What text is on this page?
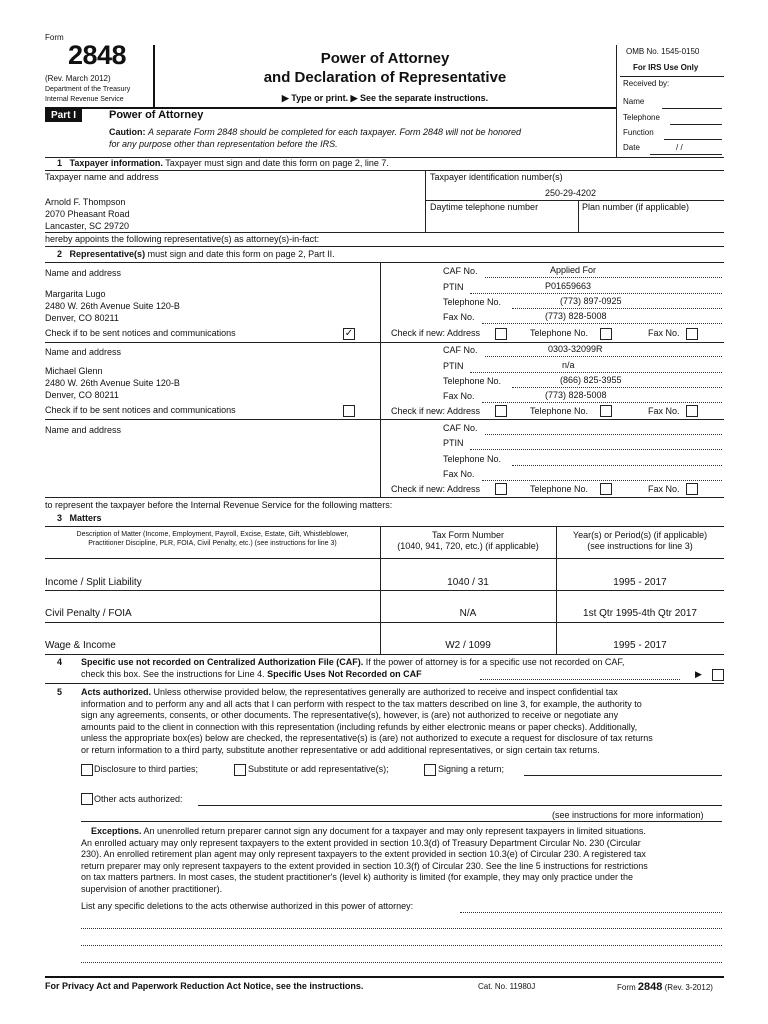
Form
2848
(Rev. March 2012)
Department of the Treasury
Internal Revenue Service
Power of Attorney
and Declaration of Representative
▶ Type or print. ▶ See the separate instructions.
OMB No. 1545-0150
For IRS Use Only
Received by:
Name
Telephone
Function
Date	/ /
Part I	Power of Attorney
Caution: A separate Form 2848 should be completed for each taxpayer. Form 2848 will not be honored
for any purpose other than representation before the IRS.
1 Taxpayer information. Taxpayer must sign and date this form on page 2, line 7.
Taxpayer name and address
Arnold F. Thompson
2070 Pheasant Road
Lancaster, SC 29720
Taxpayer identification number(s)
250-29-4202
Daytime telephone number	Plan number (if applicable)
hereby appoints the following representative(s) as attorney(s)-in-fact:
2 Representative(s) must sign and date this form on page 2, Part II.
Name and address
Margarita Lugo
2480 W. 26th Avenue Suite 120-B
Denver, CO 80211
Check if to be sent notices and communications	✓
CAF No.	Applied For
PTIN	P01659663
Telephone No.	(773) 897-0925
Fax No.	(773) 828-5008
Check if new: Address	Telephone No.	Fax No.
Name and address
Michael Glenn
2480 W. 26th Avenue Suite 120-B
Denver, CO 80211
Check if to be sent notices and communications
CAF No.	0303-32099R
PTIN	n/a
Telephone No.	(866) 825-3955
Fax No.	(773) 828-5008
Check if new: Address	Telephone No.	Fax No.
Name and address	CAF No.
PTIN
Telephone No.
Fax No.
Check if new: Address	Telephone No.	Fax No.
to represent the taxpayer before the Internal Revenue Service for the following matters:
3 Matters
Description of Matter (Income, Employment, Payroll, Excise, Estate, Gift, Whistleblower,
Practitioner Discipline, PLR, FOIA, Civil Penalty, etc.) (see instructions for line 3)
Tax Form Number
(1040, 941, 720, etc.) (if applicable)
Year(s) or Period(s) (if applicable)
(see instructions for line 3)
Income / Split Liability	1040 / 31	1995 - 2017
Civil Penalty / FOIA	N/A	1st Qtr 1995-4th Qtr 2017
Wage & Income	W2 / 1099	1995 - 2017
4 Specific use not recorded on Centralized Authorization File (CAF). If the power of attorney is for a specific use not recorded on CAF,
check this box. See the instructions for Line 4. Specific Uses Not Recorded on CAF	▶
5 Acts authorized. Unless otherwise provided below, the representatives generally are authorized to receive and inspect confidential tax
information and to perform any and all acts that I can perform with respect to the tax matters described on line 3, for example, the authority to
sign any agreements, consents, or other documents. The representative(s), however, is (are) not authorized to receive or negotiate any
amounts paid to the client in connection with this representation (including refunds by either electronic means or paper checks). Additionally,
unless the appropriate box(es) below are checked, the representative(s) is (are) not authorized to execute a request for disclosure of tax returns
or return information to a third party, substitute another representative or add additional representatives, or sign certain tax returns.
Disclosure to third parties;	Substitute or add representative(s);	Signing a return;
Other acts authorized:
(see instructions for more information)
Exceptions. An unenrolled return preparer cannot sign any document for a taxpayer and may only represent taxpayers in limited situations.
An enrolled actuary may only represent taxpayers to the extent provided in section 10.3(d) of Treasury Department Circular No. 230 (Circular
230). An enrolled retirement plan agent may only represent taxpayers to the extent provided in section 10.3(e) of Circular 230. A registered tax
return preparer may only represent taxpayers to the extent provided in section 10.3(f) of Circular 230. See the line 5 instructions for restrictions
on tax matters partners. In most cases, the student practitioner's (level k) authority is limited (for example, they may only practice under the
supervision of another practitioner).
List any specific deletions to the acts otherwise authorized in this power of attorney:
For Privacy Act and Paperwork Reduction Act Notice, see the instructions.	Cat. No. 11980J	Form 2848 (Rev. 3-2012)
